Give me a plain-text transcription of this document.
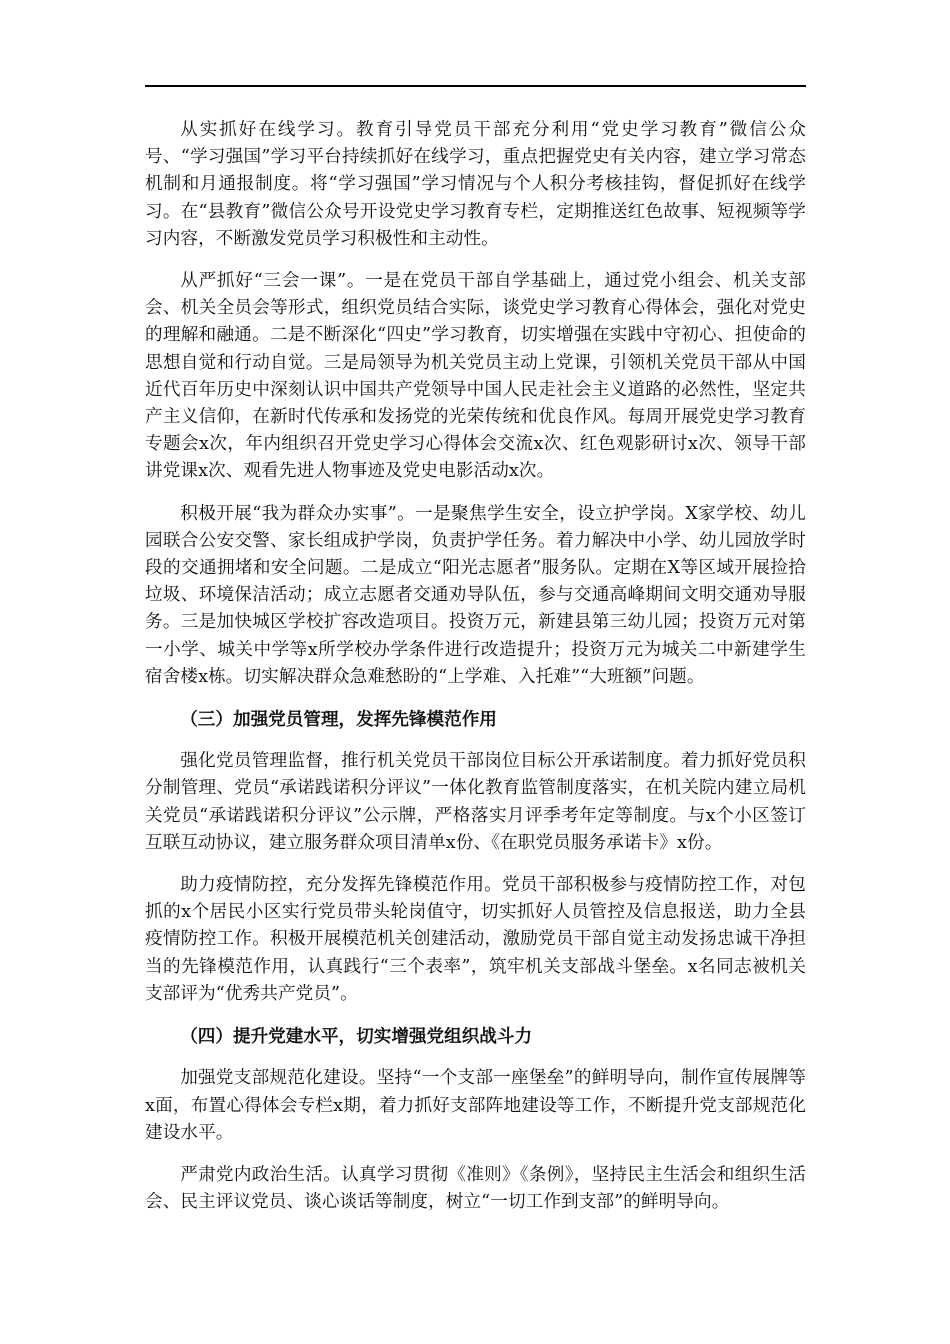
从实抓好在线学习。教育引导党员干部充分利用“党史学习教育”微信公众号、“学习强国”学习平台持续抓好在线学习，重点把握党史有关内容，建立学习常态机制和月通报制度。将“学习强国”学习情况与个人积分考核挂钩，督促抓好在线学习。在“县教育”微信公众号开设党史学习教育专栏，定期推送红色故事、短视频等学习内容，不断激发党员学习积极性和主动性。

从严抓好“三会一课”。一是在党员干部自学基础上，通过党小组会、机关支部会、机关全员会等形式，组织党员结合实际，谈党史学习教育心得体会，强化对党史的理解和融通。二是不断深化“四史”学习教育，切实增强在实践中守初心、担使命的思想自觉和行动自觉。三是局领导为机关党员主动上党课，引领机关党员干部从中国近代百年历史中深刻认识中国共产党领导中国人民走社会主义道路的必然性，坚定共产主义信仰，在新时代传承和发扬党的光荣传统和优良作风。每周开展党史学习教育专题会x次，年内组织召开党史学习心得体会交流x次、红色观影研讨x次、领导干部讲党课x次、观看先进人物事迹及党史电影活动x次。

积极开展“我为群众办实事”。一是聚焦学生安全，设立护学岗。X家学校、幼儿园联合公安交警、家长组成护学岗，负责护学任务。着力解决中小学、幼儿园放学时段的交通拥堵和安全问题。二是成立“阳光志愿者”服务队。定期在X等区域开展捡拾垃圾、环境保洁活动；成立志愿者交通劝导队伍，参与交通高峰期间文明交通劝导服务。三是加快城区学校扩容改造项目。投资万元，新建县第三幼儿园；投资万元对第一小学、城关中学等x所学校办学条件进行改造提升；投资万元为城关二中新建学生宿舍楼x栋。切实解决群众急难愁盼的“上学难、入托难”“大班额”问题。

（三）加强党员管理，发挥先锋模范作用

强化党员管理监督，推行机关党员干部岗位目标公开承诺制度。着力抓好党员积分制管理、党员“承诺践诺积分评议”一体化教育监管制度落实，在机关院内建立局机关党员“承诺践诺积分评议”公示牌，严格落实月评季考年定等制度。与x个小区签订互联互动协议，建立服务群众项目清单x份、《在职党员服务承诺卡》x份。

助力疫情防控，充分发挥先锋模范作用。党员干部积极参与疫情防控工作，对包抓的x个居民小区实行党员带头轮岗值守，切实抓好人员管控及信息报送，助力全县疫情防控工作。积极开展模范机关创建活动，激励党员干部自觉主动发扬忠诚干净担当的先锋模范作用，认真践行“三个表率”，筑牢机关支部战斗堡垒。x名同志被机关支部评为“优秀共产党员”。

（四）提升党建水平，切实增强党组织战斗力

加强党支部规范化建设。坚持“一个支部一座堡垒”的鲜明导向，制作宣传展牌等x面，布置心得体会专栏x期，着力抓好支部阵地建设等工作，不断提升党支部规范化建设水平。

严肃党内政治生活。认真学习贯彻《准则》《条例》，坚持民主生活会和组织生活会、民主评议党员、谈心谈话等制度，树立“一切工作到支部”的鲜明导向。
